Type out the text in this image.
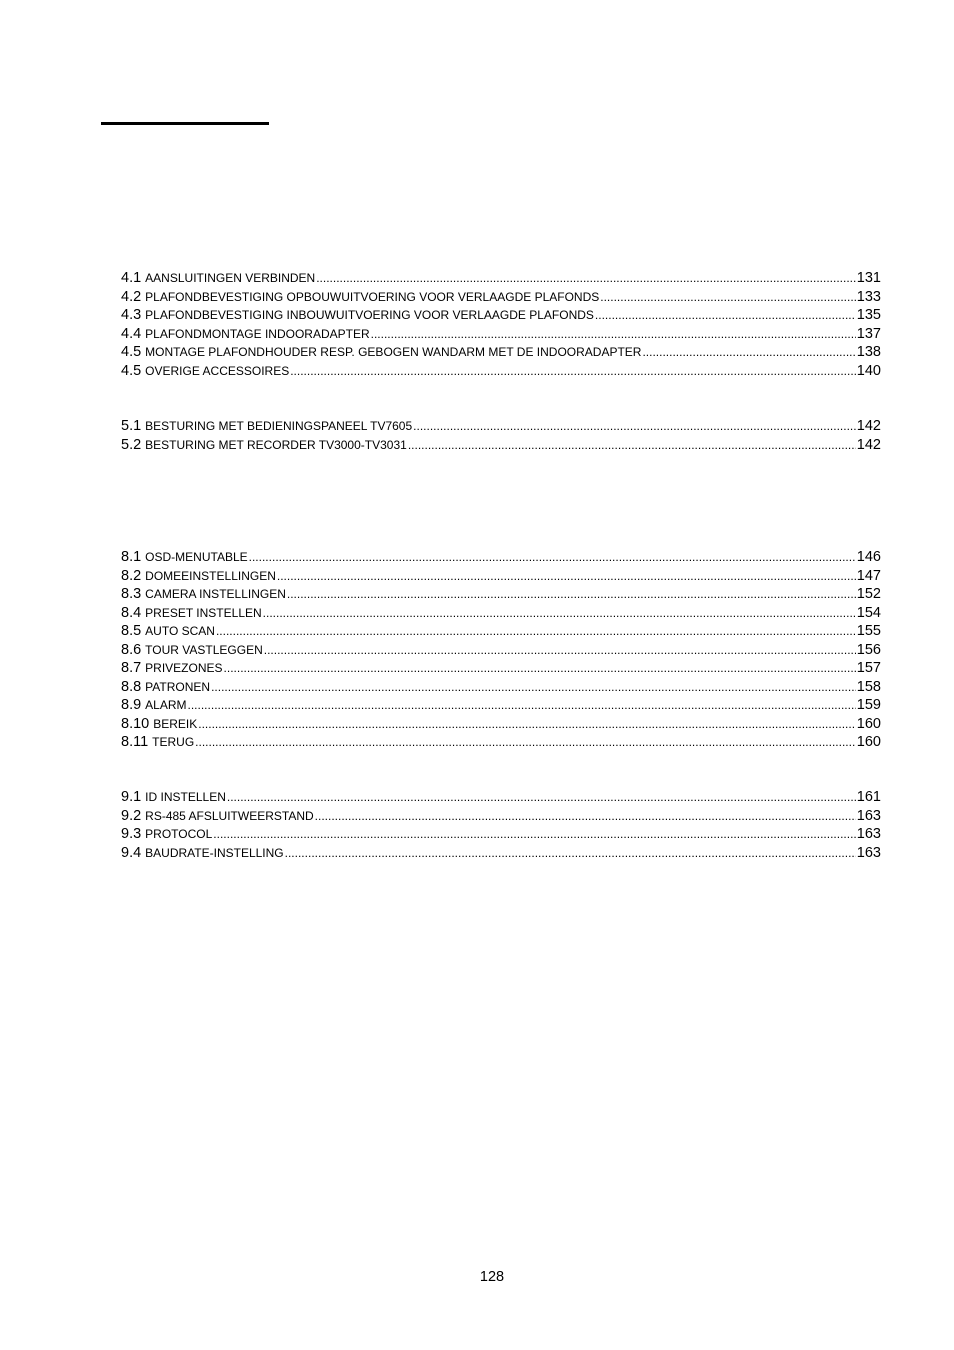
4.1 AANSLUITINGEN VERBINDEN .....	131
4.2 PLAFONDBEVESTIGING OPBOUWUITVOERING VOOR VERLAAGDE PLAFONDS .....	133
4.3 PLAFONDBEVESTIGING INBOUWUITVOERING VOOR VERLAAGDE PLAFONDS .....	135
4.4 PLAFONDMONTAGE INDOORADAPTER .....	137
4.5 MONTAGE PLAFONDHOUDER RESP. GEBOGEN WANDARM MET DE INDOORADAPTER .....	138
4.5 OVERIGE ACCESSOIRES .....	140
5.1 BESTURING MET BEDIENINGSPANEEL TV7605 .....	142
5.2 BESTURING MET RECORDER TV3000-TV3031 .....	142
8.1 OSD-MENUTABLE .....	146
8.2 DOMEEINSTELLINGEN .....	147
8.3 CAMERA INSTELLINGEN .....	152
8.4 PRESET INSTELLEN .....	154
8.5 AUTO SCAN .....	155
8.6 TOUR VASTLEGGEN .....	156
8.7 PRIVEZONES .....	157
8.8 PATRONEN .....	158
8.9 ALARM .....	159
8.10 BEREIK .....	160
8.11 TERUG .....	160
9.1 ID INSTELLEN .....	161
9.2 RS-485 AFSLUITWEERSTAND .....	163
9.3 PROTOCOL .....	163
9.4 BAUDRATE-INSTELLING .....	163
128
